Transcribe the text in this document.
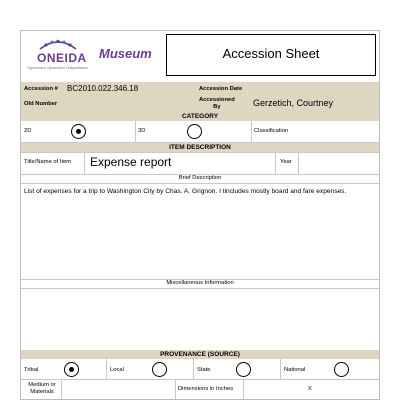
ONEIDA
Ogwehoweh Ogwehohne Onayotekaono
Museum	Accession Sheet
Accession # BC2010.022.346.18	Accession Date
Old Number
Accessioned
By	Gerzetich, Courtney
CATEGORY
2D	3D	Classification
ITEM DESCRIPTION
Title/Name of Item Expense report	Year
Brief Description
List of expenses for a trip to Washington City by Chas. A. Grignon. I tincludes mostly board and fare expenses.
Miscellaneous Information
PROVENANCE (SOURCE)
Tribal	Local	State	National
Medium or
Materials	Dimensions in Inches	X
